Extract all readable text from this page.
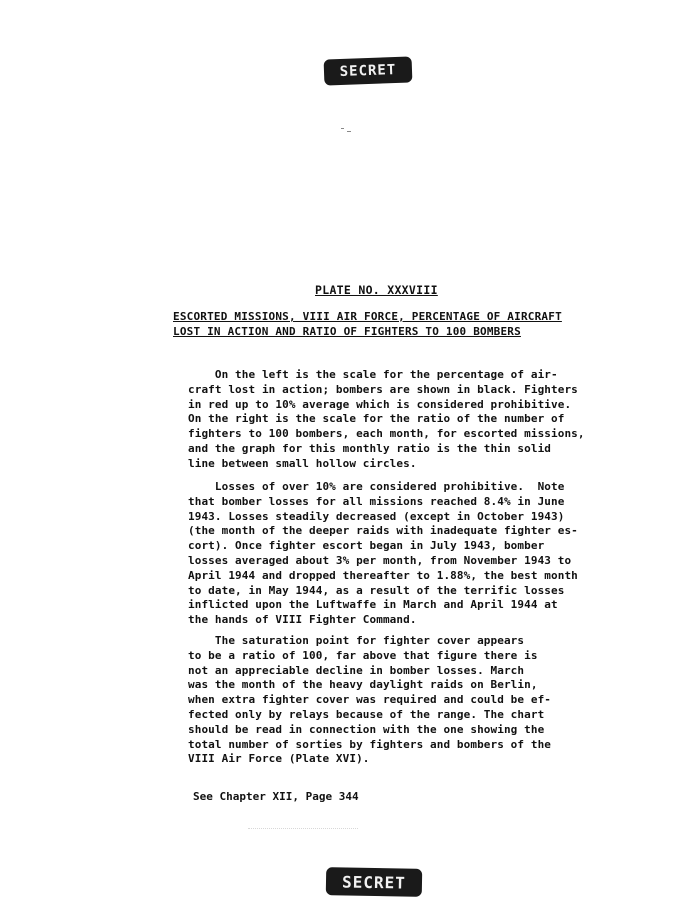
SECRET
PLATE NO. XXXVIII
ESCORTED MISSIONS, VIII AIR FORCE, PERCENTAGE OF AIRCRAFT
LOST IN ACTION AND RATIO OF FIGHTERS TO 100 BOMBERS
On the left is the scale for the percentage of air-
craft lost in action; bombers are shown in black. Fighters
in red up to 10% average which is considered prohibitive.
On the right is the scale for the ratio of the number of
fighters to 100 bombers, each month, for escorted missions,
and the graph for this monthly ratio is the thin solid
line between small hollow circles.
Losses of over 10% are considered prohibitive.  Note
that bomber losses for all missions reached 8.4% in June
1943. Losses steadily decreased (except in October 1943)
(the month of the deeper raids with inadequate fighter es-
cort). Once fighter escort began in July 1943, bomber
losses averaged about 3% per month, from November 1943 to
April 1944 and dropped thereafter to 1.88%, the best month
to date, in May 1944, as a result of the terrific losses
inflicted upon the Luftwaffe in March and April 1944 at
the hands of VIII Fighter Command.
The saturation point for fighter cover appears
to be a ratio of 100, far above that figure there is
not an appreciable decline in bomber losses. March
was the month of the heavy daylight raids on Berlin,
when extra fighter cover was required and could be ef-
fected only by relays because of the range. The chart
should be read in connection with the one showing the
total number of sorties by fighters and bombers of the
VIII Air Force (Plate XVI).
See Chapter XII, Page 344
SECRET
